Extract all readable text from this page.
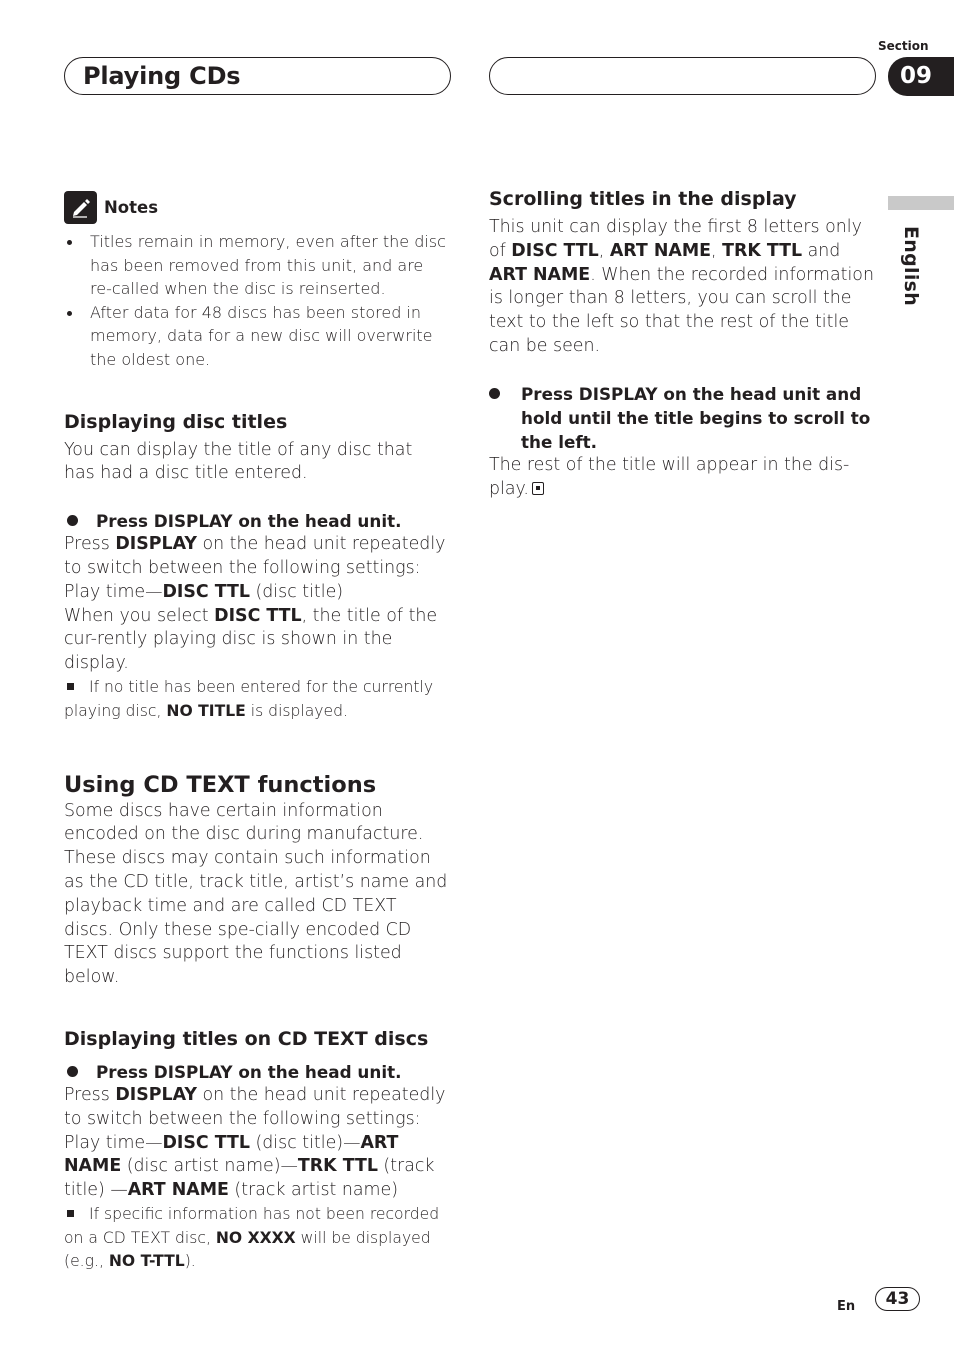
Playing CDs
Section
09
English
Notes
Titles remain in memory, even after the disc has been removed from this unit, and are re-called when the disc is reinserted.
After data for 48 discs has been stored in memory, data for a new disc will overwrite the oldest one.
Displaying disc titles

You can display the title of any disc that has had a disc title entered.

Press DISPLAY on the head unit.

Press DISPLAY on the head unit repeatedly to switch between the following settings:

Play time—DISC TTL (disc title)

When you select DISC TTL, the title of the cur-rently playing disc is shown in the display.

If no title has been entered for the currently playing disc, NO TITLE is displayed.

Using CD TEXT functions

Some discs have certain information encoded on the disc during manufacture. These discs may contain such information as the CD title, track title, artist’s name and playback time and are called CD TEXT discs. Only these spe-cially encoded CD TEXT discs support the functions listed below.

Displaying titles on CD TEXT discs
Press DISPLAY on the head unit.

Press DISPLAY on the head unit repeatedly to switch between the following settings:

Play time—DISC TTL (disc title)—ART NAME (disc artist name)—TRK TTL (track title) —ART NAME (track artist name)

If specific information has not been recorded on a CD TEXT disc, NO XXXX will be displayed (e.g., NO T-TTL).

Scrolling titles in the display

This unit can display the first 8 letters only of DISC TTL, ART NAME, TRK TTL and ART NAME. When the recorded information is longer than 8 letters, you can scroll the text to the left so that the rest of the title can be seen.

Press DISPLAY on the head unit and hold until the title begins to scroll to the left.

The rest of the title will appear in the dis-play.

En	43
